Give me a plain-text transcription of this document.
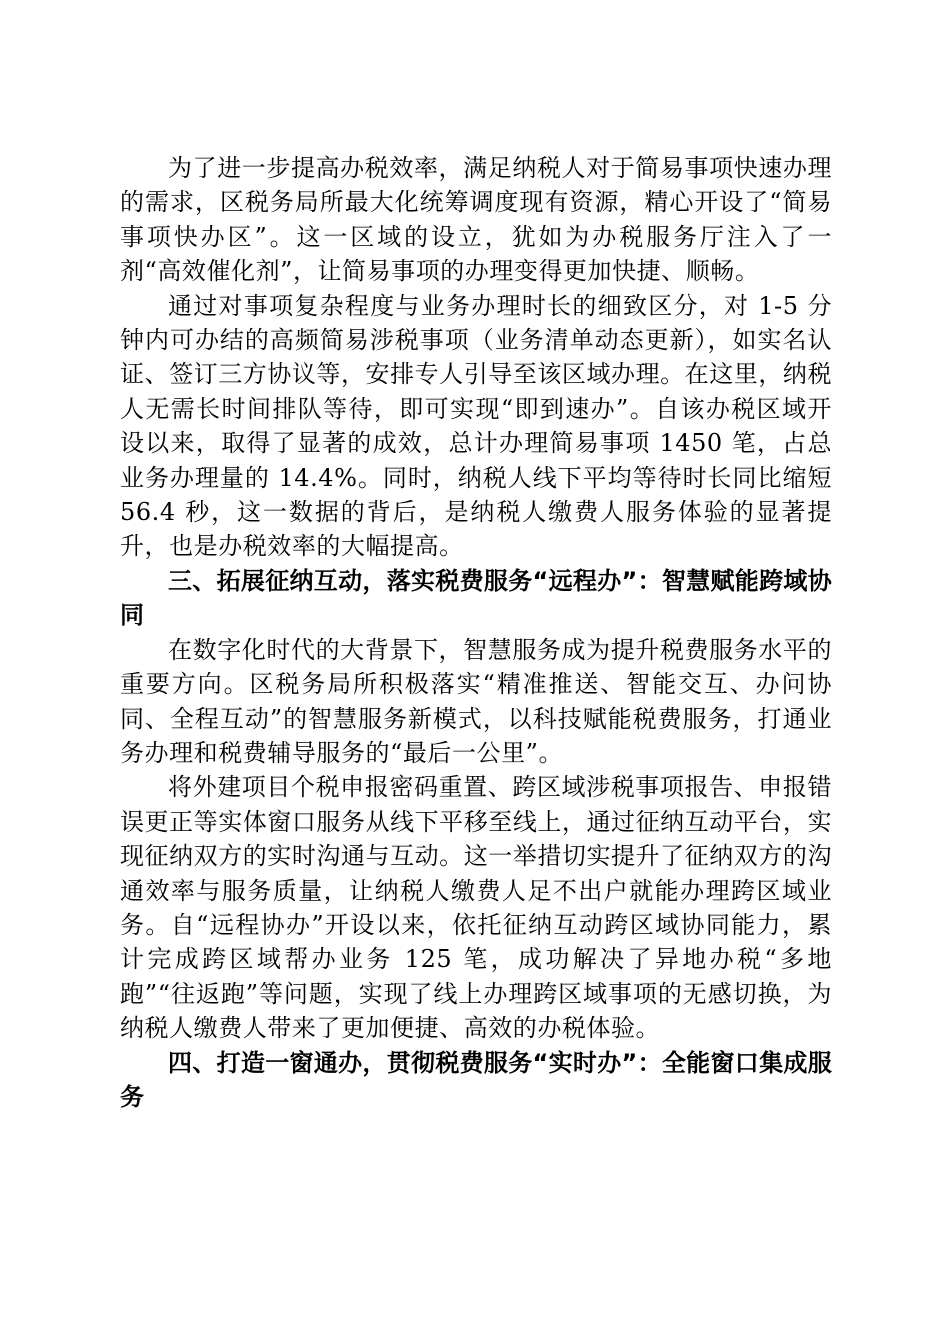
为了进一步提高办税效率，满足纳税人对于简易事项快速办理的需求，区税务局所最大化统筹调度现有资源，精心开设了“简易事项快办区”。这一区域的设立，犹如为办税服务厅注入了一剂“高效催化剂”，让简易事项的办理变得更加快捷、顺畅。

通过对事项复杂程度与业务办理时长的细致区分，对 1-5 分钟内可办结的高频简易涉税事项（业务清单动态更新），如实名认证、签订三方协议等，安排专人引导至该区域办理。在这里，纳税人无需长时间排队等待，即可实现“即到速办”。自该办税区域开设以来，取得了显著的成效，总计办理简易事项 1450 笔，占总业务办理量的 14.4%。同时，纳税人线下平均等待时长同比缩短 56.4 秒，这一数据的背后，是纳税人缴费人服务体验的显著提升，也是办税效率的大幅提高。

三、拓展征纳互动，落实税费服务“远程办”：智慧赋能跨域协同

在数字化时代的大背景下，智慧服务成为提升税费服务水平的重要方向。区税务局所积极落实“精准推送、智能交互、办问协同、全程互动”的智慧服务新模式，以科技赋能税费服务，打通业务办理和税费辅导服务的“最后一公里”。

将外建项目个税申报密码重置、跨区域涉税事项报告、申报错误更正等实体窗口服务从线下平移至线上，通过征纳互动平台，实现征纳双方的实时沟通与互动。这一举措切实提升了征纳双方的沟通效率与服务质量，让纳税人缴费人足不出户就能办理跨区域业务。自“远程协办”开设以来，依托征纳互动跨区域协同能力，累计完成跨区域帮办业务 125 笔，成功解决了异地办税“多地跑”“往返跑”等问题，实现了线上办理跨区域事项的无感切换，为纳税人缴费人带来了更加便捷、高效的办税体验。

四、打造一窗通办，贯彻税费服务“实时办”：全能窗口集成服务
